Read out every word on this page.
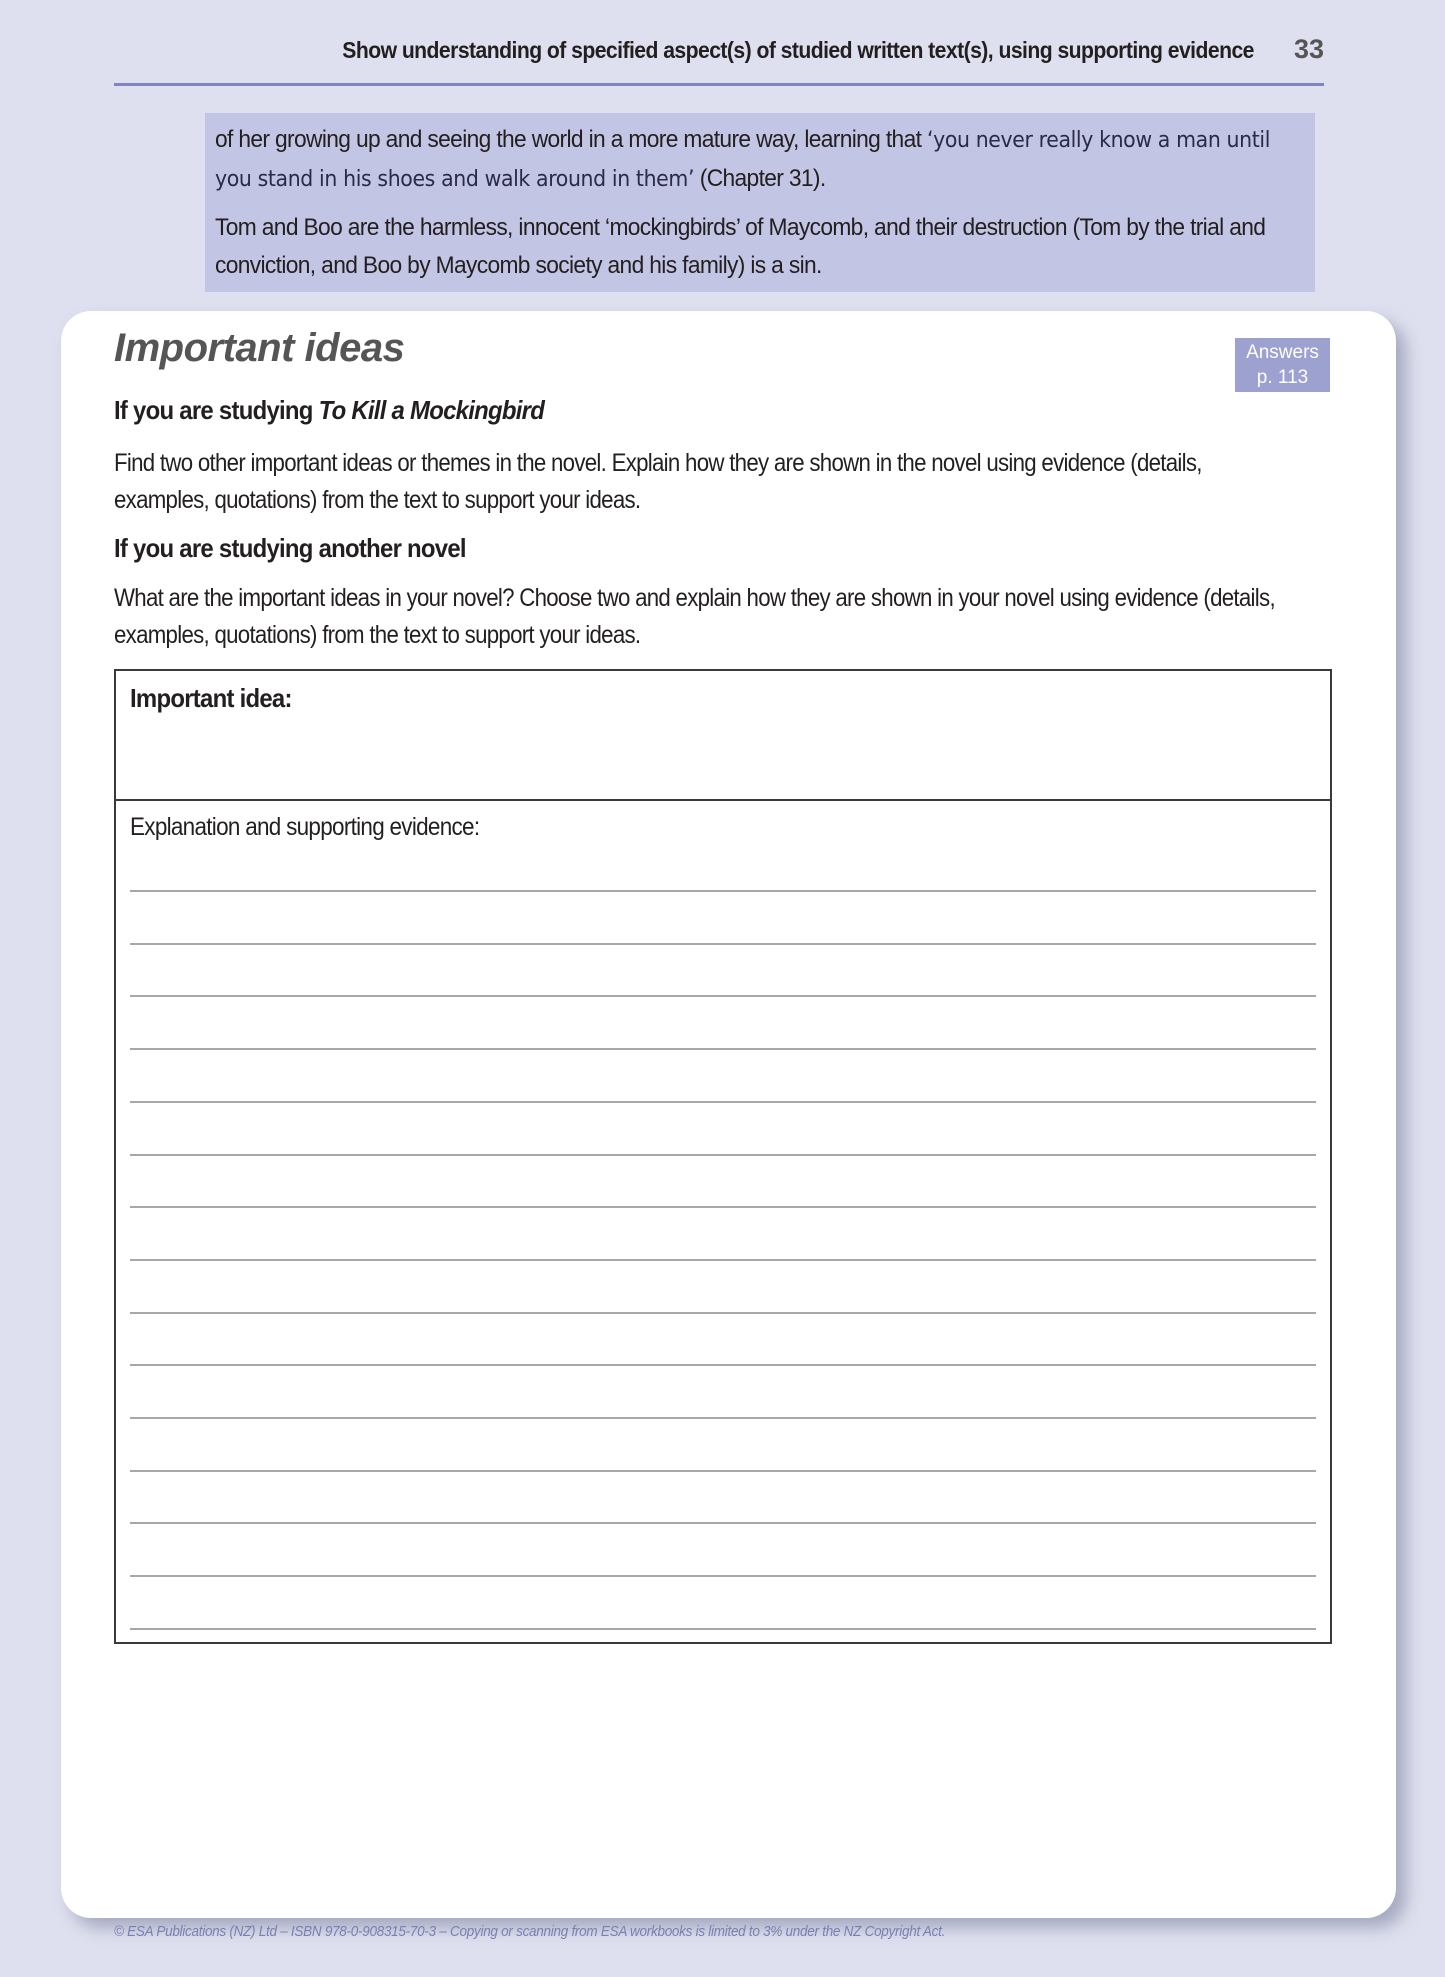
Show understanding of specified aspect(s) of studied written text(s), using supporting evidence 33

of her growing up and seeing the world in a more mature way, learning that ‘you never really know a man until you stand in his shoes and walk around in them’ (Chapter 31).

Tom and Boo are the harmless, innocent ‘mockingbirds’ of Maycomb, and their destruction (Tom by the trial and conviction, and Boo by Maycomb society and his family) is a sin.

Important ideas	Answers
p. 113
If you are studying To Kill a Mockingbird

Find two other important ideas or themes in the novel. Explain how they are shown in the novel using evidence (details, examples, quotations) from the text to support your ideas.

If you are studying another novel

What are the important ideas in your novel? Choose two and explain how they are shown in your novel using evidence (details, examples, quotations) from the text to support your ideas.

Important idea:
Explanation and supporting evidence:
© ESA Publications (NZ) Ltd – ISBN 978-0-908315-70-3 – Copying or scanning from ESA workbooks is limited to 3% under the NZ Copyright Act.
